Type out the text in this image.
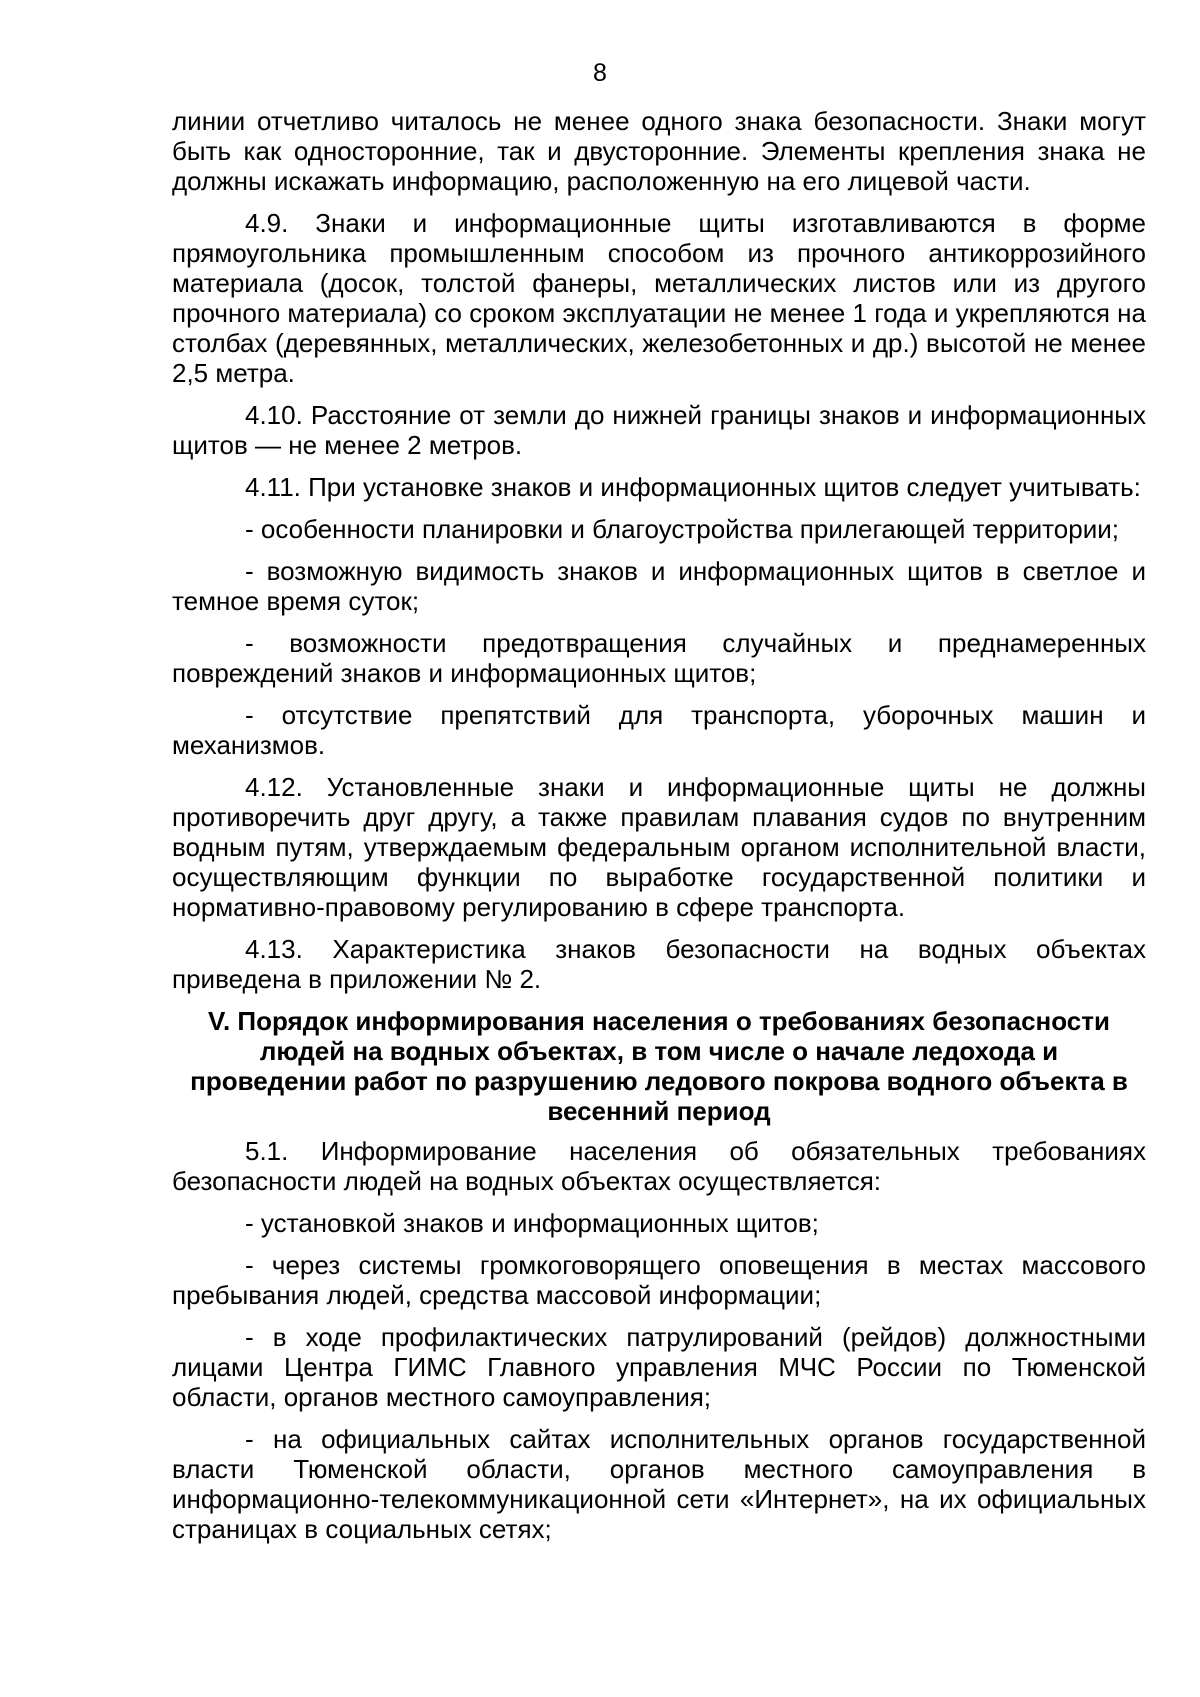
8

линии отчетливо читалось не менее одного знака безопасности. Знаки могут быть как односторонние, так и двусторонние. Элементы крепления знака не должны искажать информацию, расположенную на его лицевой части.

4.9. Знаки и информационные щиты изготавливаются в форме прямоугольника промышленным способом из прочного антикоррозийного материала (досок, толстой фанеры, металлических листов или из другого прочного материала) со сроком эксплуатации не менее 1 года и укрепляются на столбах (деревянных, металлических, железобетонных и др.) высотой не менее 2,5 метра.

4.10. Расстояние от земли до нижней границы знаков и информационных щитов — не менее 2 метров.

4.11. При установке знаков и информационных щитов следует учитывать:

- особенности планировки и благоустройства прилегающей территории;

- возможную видимость знаков и информационных щитов в светлое и темное время суток;

- возможности предотвращения случайных и преднамеренных повреждений знаков и информационных щитов;

- отсутствие препятствий для транспорта, уборочных машин и механизмов.

4.12. Установленные знаки и информационные щиты не должны противоречить друг другу, а также правилам плавания судов по внутренним водным путям, утверждаемым федеральным органом исполнительной власти, осуществляющим функции по выработке государственной политики и нормативно-правовому регулированию в сфере транспорта.

4.13. Характеристика знаков безопасности на водных объектах приведена в приложении № 2.

V. Порядок информирования населения о требованиях безопасности людей на водных объектах, в том числе о начале ледохода и проведении работ по разрушению ледового покрова водного объекта в весенний период

5.1. Информирование населения об обязательных требованиях безопасности людей на водных объектах осуществляется:

- установкой знаков и информационных щитов;

- через системы громкоговорящего оповещения в местах массового пребывания людей, средства массовой информации;

- в ходе профилактических патрулирований (рейдов) должностными лицами Центра ГИМС Главного управления МЧС России по Тюменской области, органов местного самоуправления;

- на официальных сайтах исполнительных органов государственной власти Тюменской области, органов местного самоуправления в информационно-телекоммуникационной сети «Интернет», на их официальных страницах в социальных сетях;
